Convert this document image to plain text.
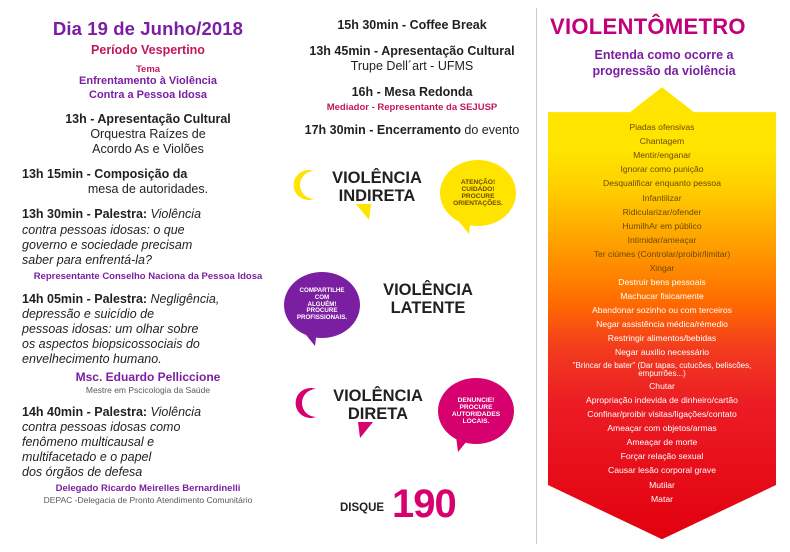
Dia 19 de Junho/2018
Período Vespertino
Tema
Enfrentamento à Violência
Contra a Pessoa Idosa
13h - Apresentação Cultural
Orquestra Raízes de
Acordo As e Violões
13h 15min - Composição da
mesa de autoridades.
13h 30min - Palestra: Violência
contra pessoas idosas: o que
governo e sociedade precisam
saber para enfrentá-la?
Representante Conselho Naciona da Pessoa Idosa
14h 05min - Palestra: Negligência,
depressão e suicídio de
pessoas idosas: um olhar sobre
os aspectos biopsicossociais do
envelhecimento humano.
Msc. Eduardo Pelliccione
Mestre em Pscicologia da Saúde
14h 40min - Palestra: Violência
contra pessoas idosas como
fenômeno multicausal e
multifacetado e o papel
dos órgãos de defesa
Delegado Ricardo Meirelles Bernardinelli
DEPAC -Delegacia de Pronto Atendimento Comunitário
15h 30min - Coffee Break
13h 45min - Apresentação Cultural
Trupe Dell´art - UFMS
16h - Mesa Redonda
Mediador - Representante da SEJUSP
17h 30min - Encerramento do evento
VIOLÊNCIA
INDIRETA
ATENÇÃO!
CUIDADO!
PROCURE
ORIENTAÇÕES.
COMPARTILHE
COM
ALGUÉM!
PROCURE
PROFISSIONAIS.
VIOLÊNCIA
LATENTE
VIOLÊNCIA
DIRETA
DENUNCIE!
PROCURE
AUTORIDADES
LOCAIS.
DISQUE 190
VIOLENTÔMETRO
Entenda como ocorre a
progressão da violência
Piadas ofensivas
Chantagem
Mentir/enganar
Ignorar como punição
Desqualificar enquanto pessoa
Infantilizar
Ridicularizar/ofender
HumilhAr em público
Intimidar/ameaçar
Ter ciúmes (Controlar/proibir/limitar)
Xingar
Destruir bens pessoais
Machucar fisicamente
Abandonar sozinho ou com terceiros
Negar assistência médica/rémedio
Restringir alimentos/bebidas
Negar auxilio necessário
"Brincar de bater" (Dar tapas, cutucões, beliscões, empurrões...)
Chutar
Apropriação indevida de dinheiro/cartão
Confinar/proibir visitas/ligações/contato
Ameaçar com objetos/armas
Ameaçar de morte
Forçar relação sexual
Causar lesão corporal grave
Mutilar
Matar
